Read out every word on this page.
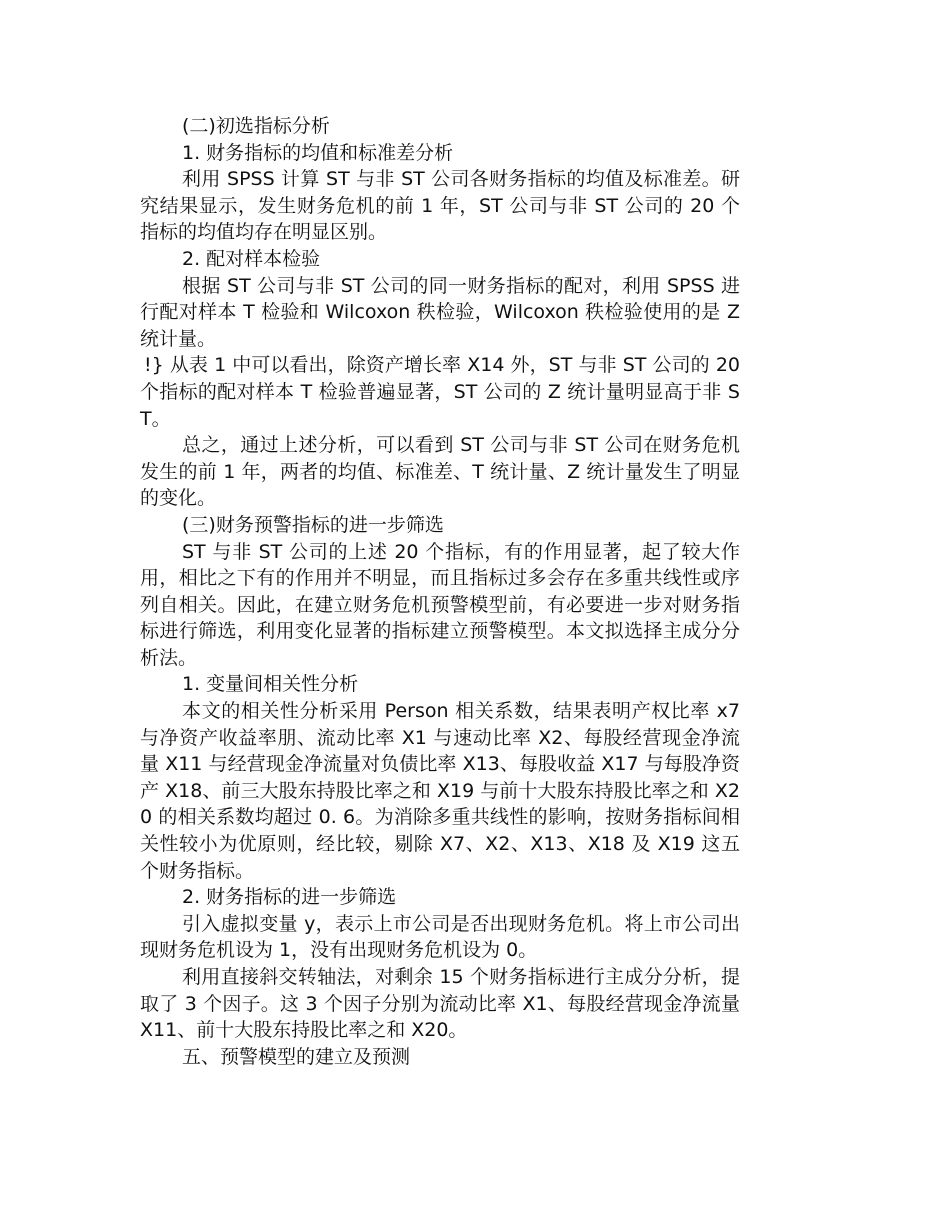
(二)初选指标分析

1. 财务指标的均值和标准差分析

利用 SPSS 计算 ST 与非 ST 公司各财务指标的均值及标准差。研究结果显示，发生财务危机的前 1 年，ST 公司与非 ST 公司的 20 个指标的均值均存在明显区别。

2. 配对样本检验

根据 ST 公司与非 ST 公司的同一财务指标的配对，利用 SPSS 进行配对样本 T 检验和 Wilcoxon 秩检验，Wilcoxon 秩检验使用的是 Z 统计量。

!} 从表 1 中可以看出，除资产增长率 X14 外，ST 与非 ST 公司的 20 个指标的配对样本 T 检验普遍显著，ST 公司的 Z 统计量明显高于非 ST。

总之，通过上述分析，可以看到 ST 公司与非 ST 公司在财务危机发生的前 1 年，两者的均值、标准差、T 统计量、Z 统计量发生了明显的变化。

(三)财务预警指标的进一步筛选

ST 与非 ST 公司的上述 20 个指标，有的作用显著，起了较大作用，相比之下有的作用并不明显，而且指标过多会存在多重共线性或序列自相关。因此，在建立财务危机预警模型前，有必要进一步对财务指标进行筛选，利用变化显著的指标建立预警模型。本文拟选择主成分分析法。

1. 变量间相关性分析

本文的相关性分析采用 Person 相关系数，结果表明产权比率 x7 与净资产收益率朋、流动比率 X1 与速动比率 X2、每股经营现金净流量 X11 与经营现金净流量对负债比率 X13、每股收益 X17 与每股净资产 X18、前三大股东持股比率之和 X19 与前十大股东持股比率之和 X20 的相关系数均超过 0. 6。为消除多重共线性的影响，按财务指标间相关性较小为优原则，经比较，剔除 X7、X2、X13、X18 及 X19 这五个财务指标。

2. 财务指标的进一步筛选

引入虚拟变量 y，表示上市公司是否出现财务危机。将上市公司出现财务危机设为 1，没有出现财务危机设为 0。

利用直接斜交转轴法，对剩余 15 个财务指标进行主成分分析，提取了 3 个因子。这 3 个因子分别为流动比率 X1、每股经营现金净流量 X11、前十大股东持股比率之和 X20。

五、预警模型的建立及预测
